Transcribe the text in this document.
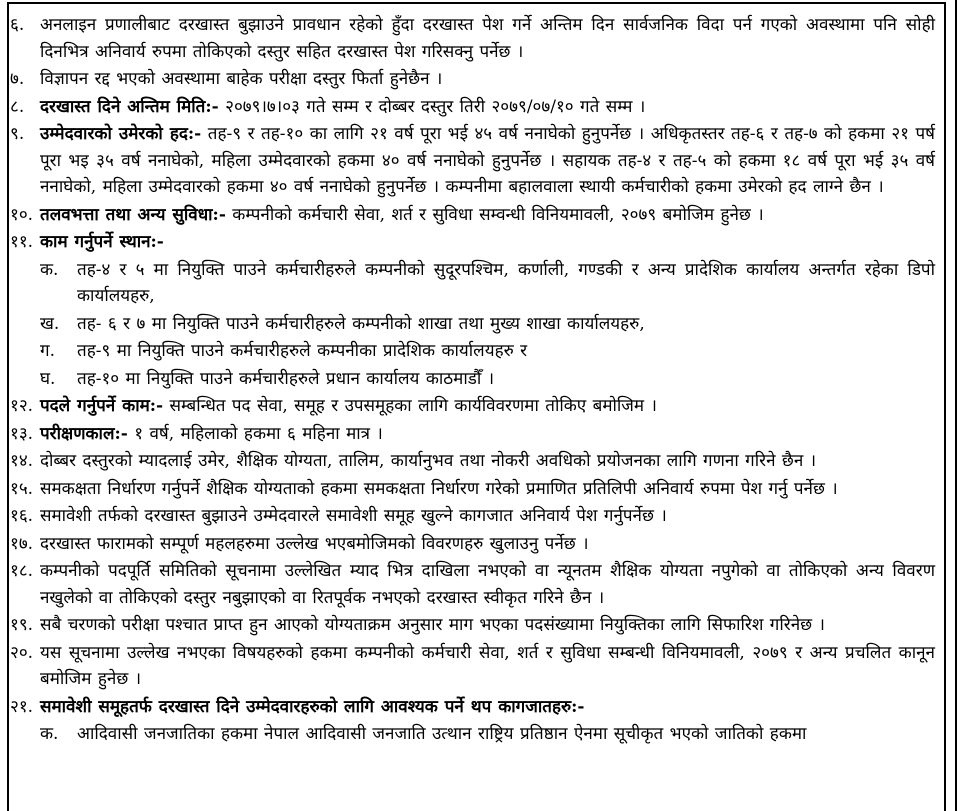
६. अनलाइन प्रणालीबाट दरखास्त बुझाउने प्रावधान रहेको हुँदा दरखास्त पेश गर्ने अन्तिम दिन सार्वजनिक विदा पर्न गएको अवस्थामा पनि सोही दिनभित्र अनिवार्य रुपमा तोकिएको दस्तुर सहित दरखास्त पेश गरिसक्नु पर्नेछ ।
७. विज्ञापन रद्द भएको अवस्थामा बाहेक परीक्षा दस्तुर फिर्ता हुनेछैन ।
८. दरखास्त दिने अन्तिम मिति:- २०७९।७।०३ गते सम्म र दोब्बर दस्तुर तिरी २०७९/०७/१० गते सम्म ।
९. उम्मेदवारको उमेरको हद:- तह-९ र तह-१० का लागि २१ वर्ष पूरा भई ४५ वर्ष ननाघेको हुनुपर्नेछ । अधिकृतस्तर तह-६ र तह-७ को हकमा २१ पर्ष पूरा भइ ३५ वर्ष ननाघेको, महिला उम्मेदवारको हकमा ४० वर्ष ननाघेको हुनुपर्नेछ । सहायक तह-४ र तह-५ को हकमा १८ वर्ष पूरा भई ३५ वर्ष ननाघेको, महिला उम्मेदवारको हकमा ४० वर्ष ननाघेको हुनुपर्नेछ । कम्पनीमा बहालवाला स्थायी कर्मचारीको हकमा उमेरको हद लाग्ने छैन ।
१०. तलवभत्ता तथा अन्य सुविधा:- कम्पनीको कर्मचारी सेवा, शर्त र सुविधा सम्वन्धी विनियमावली, २०७९ बमोजिम हुनेछ ।
११. काम गर्नुपर्ने स्थान:-
क.	तह-४ र ५ मा नियुक्ति पाउने कर्मचारीहरुले कम्पनीको सुदूरपश्चिम, कर्णाली, गण्डकी र अन्य प्रादेशिक कार्यालय अन्तर्गत रहेका डिपो कार्यालयहरु,
ख.	तह- ६ र ७ मा नियुक्ति पाउने कर्मचारीहरुले कम्पनीको शाखा तथा मुख्य शाखा कार्यालयहरु,
ग.	तह-९ मा नियुक्ति पाउने कर्मचारीहरुले कम्पनीका प्रादेशिक कार्यालयहरु र
घ.	तह-१० मा नियुक्ति पाउने कर्मचारीहरुले प्रधान कार्यालय काठमाडौँ ।
१२. पदले गर्नुपर्ने काम:- सम्बन्धित पद सेवा, समूह र उपसमूहका लागि कार्यविवरणमा तोकिए बमोजिम ।
१३. परीक्षणकाल:- १ वर्ष, महिलाको हकमा ६ महिना मात्र ।
१४. दोब्बर दस्तुरको म्यादलाई उमेर, शैक्षिक योग्यता, तालिम, कार्यानुभव तथा नोकरी अवधिको प्रयोजनका लागि गणना गरिने छैन ।
१५. समकक्षता निर्धारण गर्नुपर्ने शैक्षिक योग्यताको हकमा समकक्षता निर्धारण गरेको प्रमाणित प्रतिलिपी अनिवार्य रुपमा पेश गर्नु पर्नेछ ।
१६. समावेशी तर्फको दरखास्त बुझाउने उम्मेदवारले समावेशी समूह खुल्ने कागजात अनिवार्य पेश गर्नुपर्नेछ ।
१७. दरखास्त फारामको सम्पूर्ण महलहरुमा उल्लेख भएबमोजिमको विवरणहरु खुलाउनु पर्नेछ ।
१८. कम्पनीको पदपूर्ति समितिको सूचनामा उल्लेखित म्याद भित्र दाखिला नभएको वा न्यूनतम शैक्षिक योग्यता नपुगेको वा तोकिएको अन्य विवरण नखुलेको वा तोकिएको दस्तुर नबुझाएको वा रितपूर्वक नभएको दरखास्त स्वीकृत गरिने छैन ।
१९. सबै चरणको परीक्षा पश्चात प्राप्त हुन आएको योग्यताक्रम अनुसार माग भएका पदसंख्यामा नियुक्तिका लागि सिफारिश गरिनेछ ।
२०. यस सूचनामा उल्लेख नभएका विषयहरुको हकमा कम्पनीको कर्मचारी सेवा, शर्त र सुविधा सम्बन्धी विनियमावली, २०७९ र अन्य प्रचलित कानून बमोजिम हुनेछ ।
२१. समावेशी समूहतर्फ दरखास्त दिने उम्मेदवारहरुको लागि आवश्यक पर्ने थप कागजातहरु:-
क.	आदिवासी जनजातिका हकमा नेपाल आदिवासी जनजाति उत्थान राष्ट्रिय प्रतिष्ठान ऐनमा सूचीकृत भएको जातिको हकमा
